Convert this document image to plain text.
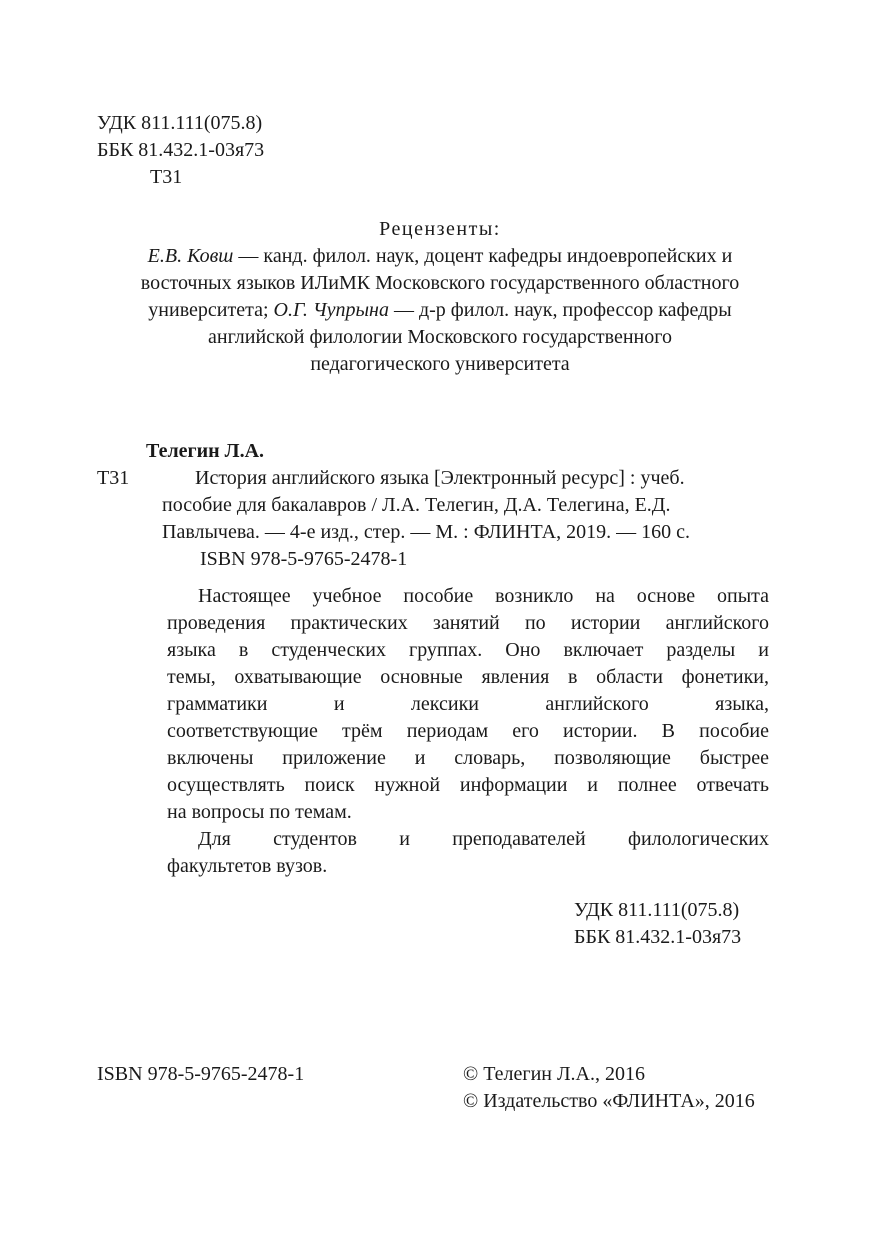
УДК 811.111(075.8)
ББК 81.432.1-03я73
Т31
Рецензенты:
Е.В. Ковш — канд. филол. наук, доцент кафедры индоевропейских и
восточных языков ИЛиМК Московского государственного областного
университета; О.Г. Чупрына — д-р филол. наук, профессор кафедры
английской филологии Московского государственного
педагогического университета
Телегин Л.А.
Т31	История английского языка [Электронный ресурс] : учеб.
пособие для бакалавров / Л.А. Телегин, Д.А. Телегина, Е.Д.
Павлычева. — 4-е изд., стер. — М. : ФЛИНТА, 2019. — 160 с.
ISBN 978-5-9765-2478-1
Настоящее учебное пособие возникло на основе опыта
проведения практических занятий по истории английского
языка в студенческих группах. Оно включает разделы и
темы, охватывающие основные явления в области фонетики,
грамматики и лексики английского языка,
соответствующие трём периодам его истории. В пособие
включены приложение и словарь, позволяющие быстрее
осуществлять поиск нужной информации и полнее отвечать
на вопросы по темам.
Для студентов и преподавателей филологических
факультетов вузов.
УДК 811.111(075.8)
ББК 81.432.1-03я73
ISBN 978-5-9765-2478-1	© Телегин Л.А., 2016
© Издательство «ФЛИНТА», 2016
